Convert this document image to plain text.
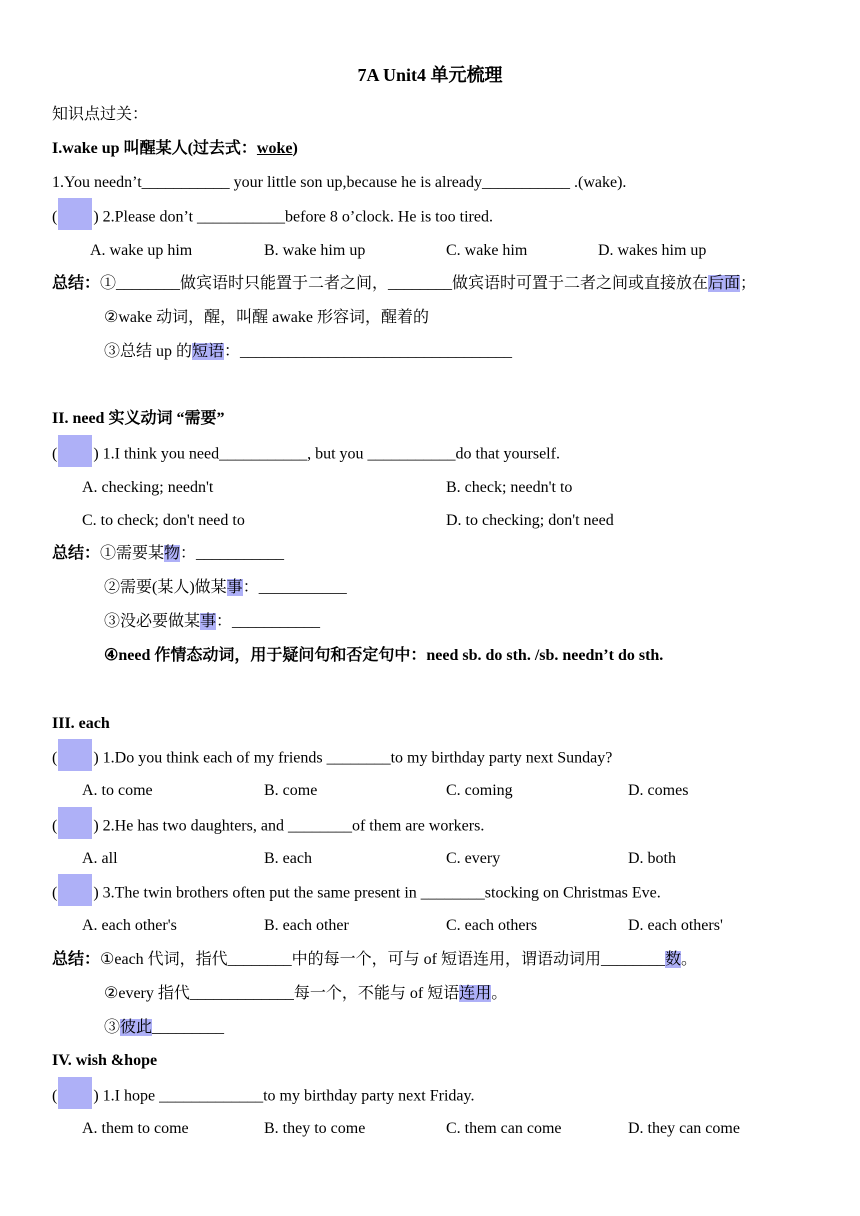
7A Unit4 单元梳理
知识点过关：
I.wake up 叫醒某人(过去式：woke)
1.You needn’t___________ your little son up,because he is already___________ .(wake).
( ) 2.Please don’t ___________before 8 o’clock. He is too tired.
A. wake up him	B. wake him up	C. wake him	D. wakes him up
总结：①________做宾语时只能置于二者之间，________做宾语时可置于二者之间或直接放在后面；
②wake 动词，醒，叫醒 awake 形容词，醒着的
③总结 up 的短语：__________________________________
II. need 实义动词 “需要”
( ) 1.I think you need___________, but you ___________do that yourself.
A. checking; needn't	B. check; needn't to
C. to check; don't need to	D. to checking; don't need
总结：①需要某物：___________
②需要(某人)做某事：___________
③没必要做某事：___________
④need 作情态动词，用于疑问句和否定句中：need sb. do sth. /sb. needn’t do sth.
III. each
( ) 1.Do you think each of my friends ________to my birthday party next Sunday?
A. to come	B. come	C. coming	D. comes
( ) 2.He has two daughters, and ________of them are workers.
A. all	B. each	C. every	D. both
( ) 3.The twin brothers often put the same present in ________stocking on Christmas Eve.
A. each other's	B. each other	C. each others	D. each others'
总结：①each 代词，指代________中的每一个，可与 of 短语连用，谓语动词用________数。
②every 指代_____________每一个，不能与 of 短语连用。
③彼此_________
IV. wish &hope
( ) 1.I hope _____________to my birthday party next Friday.
A. them to come	B. they to come	C. them can come	D. they can come
